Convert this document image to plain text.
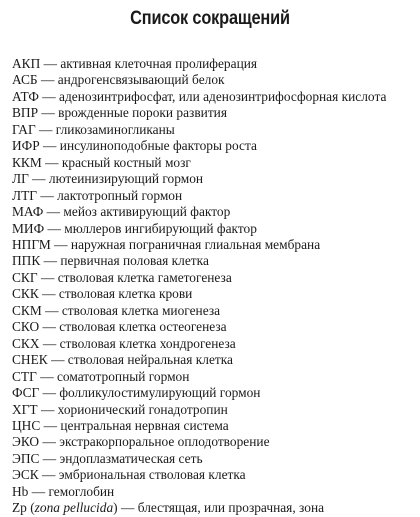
Список сокращений
АКП — активная клеточная пролиферация
АСБ — андрогенсвязывающий белок
АТФ — аденозинтрифосфат, или аденозинтрифосфорная кислота
ВПР — врожденные пороки развития
ГАГ — гликозаминогликаны
ИФР — инсулиноподобные факторы роста
ККМ — красный костный мозг
ЛГ — лютеинизирующий гормон
ЛТГ — лактотропный гормон
МАФ — мейоз активирующий фактор
МИФ — мюллеров ингибирующий фактор
НПГМ — наружная пограничная глиальная мембрана
ППК — первичная половая клетка
СКГ — стволовая клетка гаметогенеза
СКК — стволовая клетка крови
СКМ — стволовая клетка миогенеза
СКО — стволовая клетка остеогенеза
СКХ — стволовая клетка хондрогенеза
СНЕК — стволовая нейральная клетка
СТГ — соматотропный гормон
ФСГ — фолликулостимулирующий гормон
ХГТ — хорионический гонадотропин
ЦНС — центральная нервная система
ЭКО — экстракорпоральное оплодотворение
ЭПС — эндоплазматическая сеть
ЭСК — эмбриональная стволовая клетка
Hb — гемоглобин
Zp (zona pellucida) — блестящая, или прозрачная, зона
